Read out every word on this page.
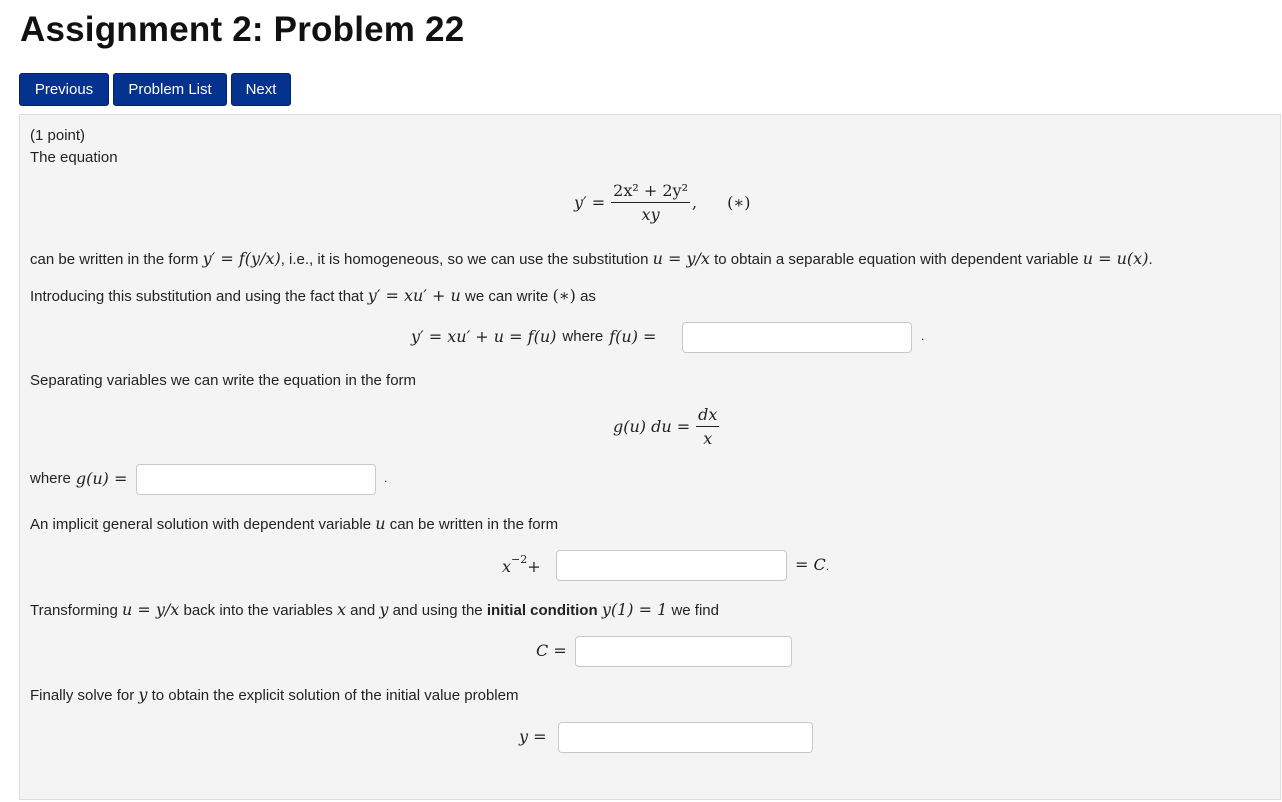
Assignment 2: Problem 22
Previous	Problem List	Next
(1 point)
The equation
$y' = \frac{\text{2x² + 2y²}}{xy}$ , (∗)
can be written in the form y′ = f(y/x), i.e., it is homogeneous, so we can use the substitution u = y/x to obtain a separable equation with dependent variable u = u(x).
Introducing this substitution and using the fact that y′ = xu′ + u we can write (∗) as
y′ = xu′ + u = f(u) where f(u) =	.
Separating variables we can write the equation in the form
g(u) du = $\frac{dx}{x}$
where g(u) =	.
An implicit general solution with dependent variable u can be written in the form
$x^{-2}$ +	= C.
Transforming u = y/x back into the variables x and y and using the initial condition y(1) = 1 we find
C =
Finally solve for y to obtain the explicit solution of the initial value problem
y =
